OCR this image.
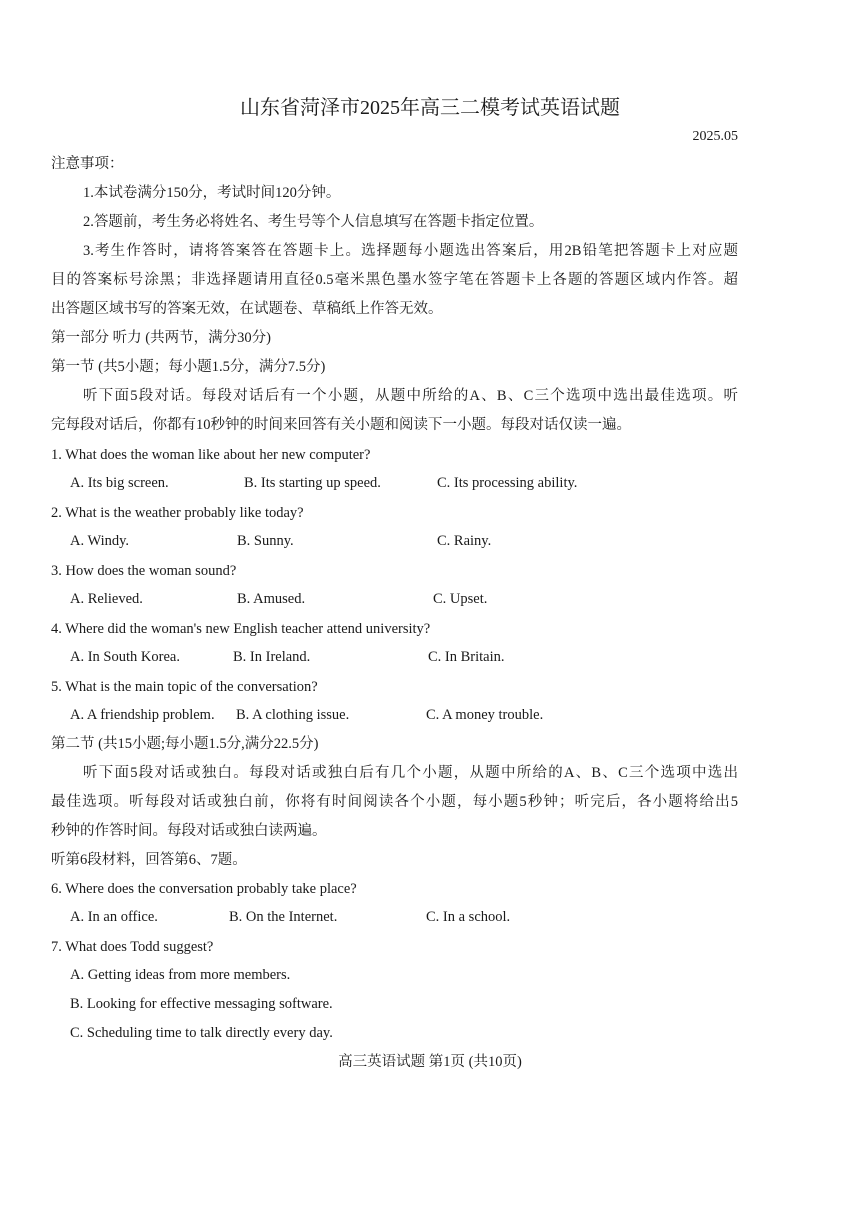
山东省菏泽市2025年高三二模考试英语试题
2025.05
注意事项：
1.本试卷满分150分，考试时间120分钟。
2.答题前，考生务必将姓名、考生号等个人信息填写在答题卡指定位置。
3.考生作答时，请将答案答在答题卡上。选择题每小题选出答案后，用2B铅笔把答题卡上对应题
目的答案标号涂黑；非选择题请用直径0.5毫米黑色墨水签字笔在答题卡上各题的答题区域内作答。超
出答题区域书写的答案无效，在试题卷、草稿纸上作答无效。
第一部分 听力 (共两节，满分30分)
第一节 (共5小题；每小题1.5分，满分7.5分)
听下面5段对话。每段对话后有一个小题，从题中所给的A、B、C三个选项中选出最佳选项。听
完每段对话后，你都有10秒钟的时间来回答有关小题和阅读下一小题。每段对话仅读一遍。
1. What does the woman like about her new computer?
A. Its big screen.	B. Its starting up speed.	C. Its processing ability.
2. What is the weather probably like today?
A. Windy.	B. Sunny.	C. Rainy.
3. How does the woman sound?
A. Relieved.	B. Amused.	C. Upset.
4. Where did the woman's new English teacher attend university?
A. In South Korea.	B. In Ireland.	C. In Britain.
5. What is the main topic of the conversation?
A. A friendship problem. B. A clothing issue.	C. A money trouble.
第二节 (共15小题;每小题1.5分,满分22.5分)
听下面5段对话或独白。每段对话或独白后有几个小题，从题中所给的A、B、C三个选项中选出
最佳选项。听每段对话或独白前，你将有时间阅读各个小题，每小题5秒钟；听完后，各小题将给出5
秒钟的作答时间。每段对话或独白读两遍。
听第6段材料，回答第6、7题。
6. Where does the conversation probably take place?
A. In an office.	B. On the Internet.	C. In a school.
7. What does Todd suggest?
A. Getting ideas from more members.
B. Looking for effective messaging software.
C. Scheduling time to talk directly every day.
高三英语试题 第1页 (共10页)
